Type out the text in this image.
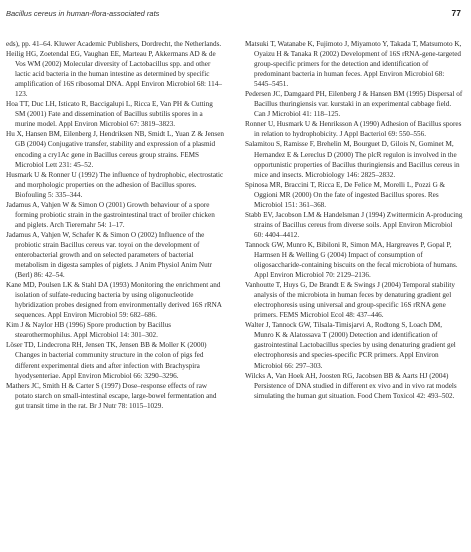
Bacillus cereus in human-flora-associated rats	77

eds), pp. 41–64. Kluwer Academic Publishers, Dordrecht, the Netherlands.

Heilig HG, Zoetendal EG, Vaughan EE, Marteau P, Akkermans AD & de Vos WM (2002) Molecular diversity of Lactobacillus spp. and other lactic acid bacteria in the human intestine as determined by specific amplification of 16S ribosomal DNA. Appl Environ Microbiol 68: 114–123.

Hoa TT, Duc LH, Isticato R, Baccigalupi L, Ricca E, Van PH & Cutting SM (2001) Fate and dissemination of Bacillus subtilis spores in a murine model. Appl Environ Microbiol 67: 3819–3823.

Hu X, Hansen BM, Eilenberg J, Hendriksen NB, Smidt L, Yuan Z & Jensen GB (2004) Conjugative transfer, stability and expression of a plasmid encoding a cry1Ac gene in Bacillus cereus group strains. FEMS Microbiol Lett 231: 45–52.

Husmark U & Ronner U (1992) The influence of hydrophobic, electrostatic and morphologic properties on the adhesion of Bacillus spores. Biofouling 5: 335–344.

Jadamus A, Vahjen W & Simon O (2001) Growth behaviour of a spore forming probiotic strain in the gastrointestinal tract of broiler chicken and piglets. Arch Tierernahr 54: 1–17.

Jadamus A, Vahjen W, Schafer K & Simon O (2002) Influence of the probiotic strain Bacillus cereus var. toyoi on the development of enterobacterial growth and on selected parameters of bacterial metabolism in digesta samples of piglets. J Anim Physiol Anim Nutr (Berl) 86: 42–54.

Kane MD, Poulsen LK & Stahl DA (1993) Monitoring the enrichment and isolation of sulfate-reducing bacteria by using oligonucleotide hybridization probes designed from environmentally derived 16S rRNA sequences. Appl Environ Microbiol 59: 682–686.

Kim J & Naylor HB (1996) Spore production by Bacillus stearothermophilus. Appl Microbiol 14: 301–302.

Löser TD, Lindecrona RH, Jensen TK, Jensen BB & Moller K (2000) Changes in bacterial community structure in the colon of pigs fed different experimental diets and after infection with Brachyspira hyodysenteriae. Appl Environ Microbiol 66: 3290–3296.

Mathers JC, Smith H & Carter S (1997) Dose–response effects of raw potato starch on small-intestinal escape, large-bowel fermentation and gut transit time in the rat. Br J Nutr 78: 1015–1029.

Matsuki T, Watanabe K, Fujimoto J, Miyamoto Y, Takada T, Matsumoto K, Oyaizu H & Tanaka R (2002) Development of 16S rRNA-gene-targeted group-specific primers for the detection and identification of predominant bacteria in human feces. Appl Environ Microbiol 68: 5445–5451.

Pedersen JC, Damgaard PH, Eilenberg J & Hansen BM (1995) Dispersal of Bacillus thuringiensis var. kurstaki in an experimental cabbage field. Can J Microbiol 41: 118–125.

Ronner U, Husmark U & Henriksson A (1990) Adhesion of Bacillus spores in relation to hydrophobicity. J Appl Bacteriol 69: 550–556.

Salamitou S, Ramisse F, Brehelin M, Bourguet D, Gilois N, Gominet M, Hernandez E & Lereclus D (2000) The plcR regulon is involved in the opportunistic properties of Bacillus thuringiensis and Bacillus cereus in mice and insects. Microbiology 146: 2825–2832.

Spinosa MR, Braccini T, Ricca E, De Felice M, Morelli L, Pozzi G & Oggioni MR (2000) On the fate of ingested Bacillus spores. Res Microbiol 151: 361–368.

Stabb EV, Jacobson LM & Handelsman J (1994) Zwittermicin A-producing strains of Bacillus cereus from diverse soils. Appl Environ Microbiol 60: 4404–4412.

Tannock GW, Munro K, Bibiloni R, Simon MA, Hargreaves P, Gopal P, Harmsen H & Welling G (2004) Impact of consumption of oligosaccharide-containing biscuits on the fecal microbiota of humans. Appl Environ Microbiol 70: 2129–2136.

Vanhoutte T, Huys G, De Brandt E & Swings J (2004) Temporal stability analysis of the microbiota in human feces by denaturing gradient gel electrophoresis using universal and group-specific 16S rRNA gene primers. FEMS Microbiol Ecol 48: 437–446.

Walter J, Tannock GW, Tilsala-Timisjarvi A, Rodtong S, Loach DM, Munro K & Alatossava T (2000) Detection and identification of gastrointestinal Lactobacillus species by using denaturing gradient gel electrophoresis and species-specific PCR primers. Appl Environ Microbiol 66: 297–303.

Wilcks A, Van Hoek AH, Joosten RG, Jacobsen BB & Aarts HJ (2004) Persistence of DNA studied in different ex vivo and in vivo rat models simulating the human gut situation. Food Chem Toxicol 42: 493–502.
